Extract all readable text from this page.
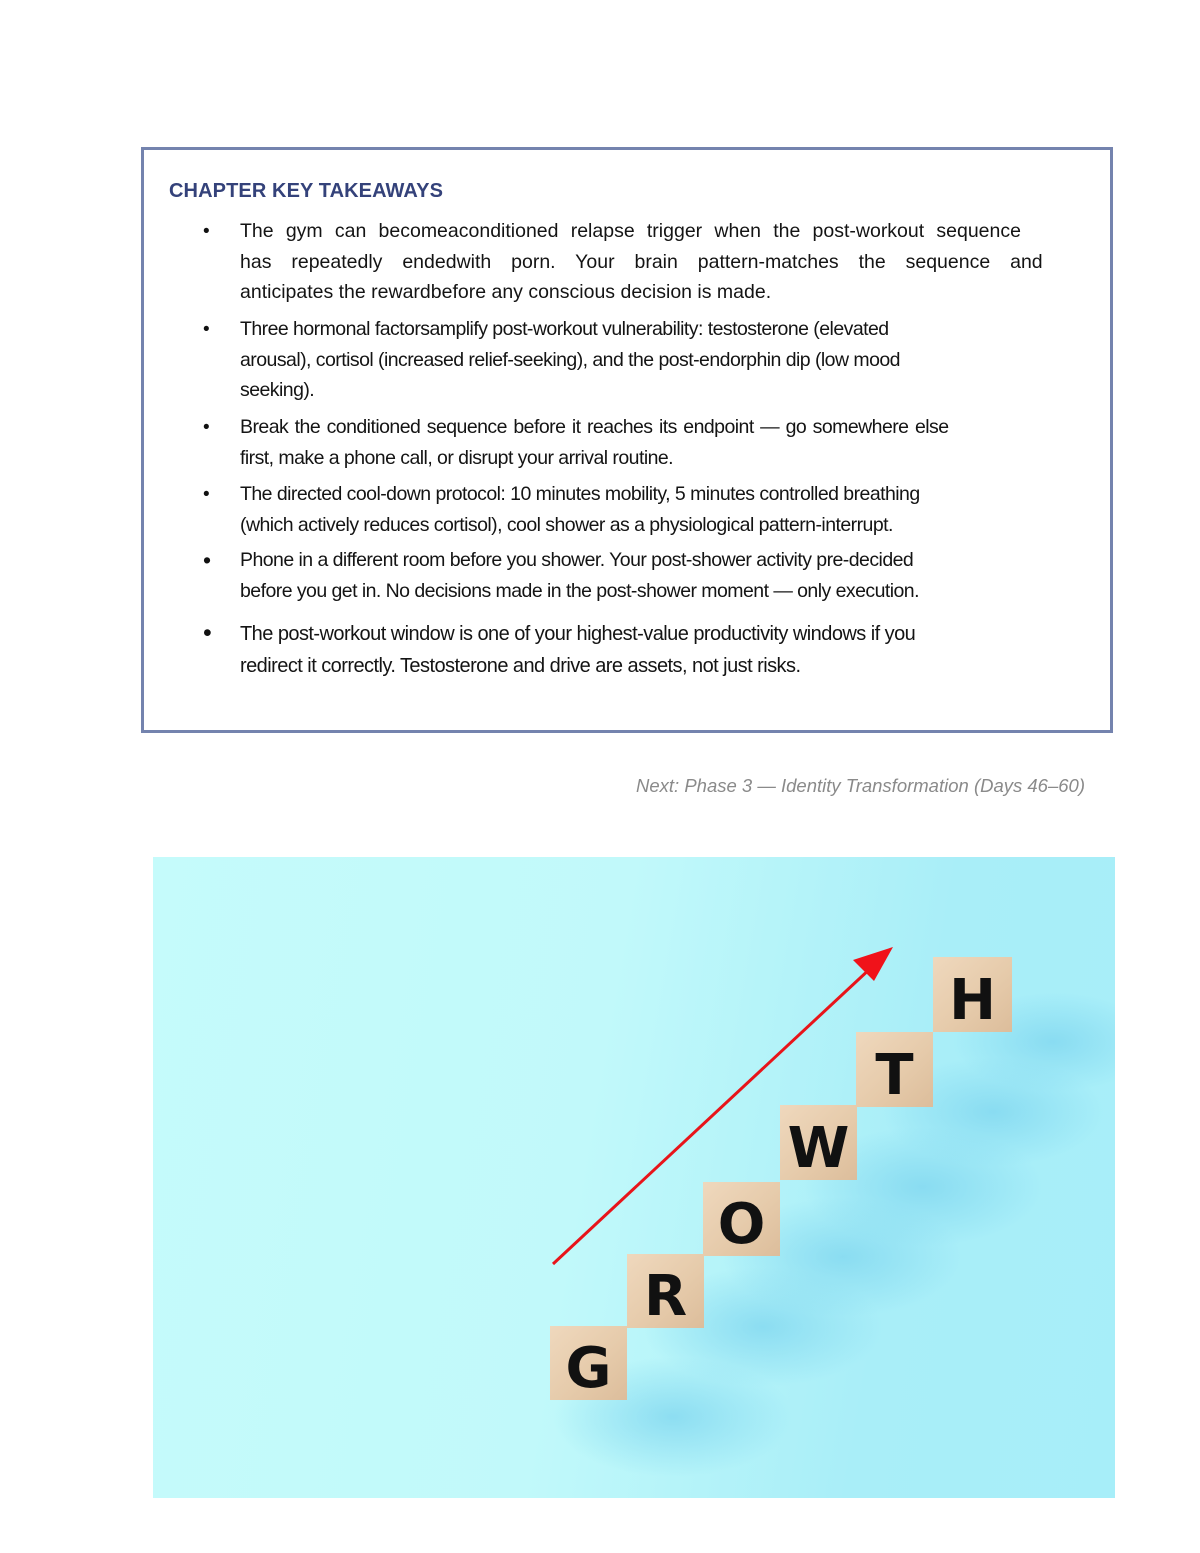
CHAPTER KEY TAKEAWAYS
• The gym can becomeaconditioned relapse trigger when the post-workout sequence
has repeatedly endedwith porn. Your brain pattern-matches the sequence and
anticipates the rewardbefore any conscious decision is made.
• Three hormonal factorsamplify post-workout vulnerability: testosterone (elevated
arousal), cortisol (increased relief-seeking), and the post-endorphin dip (low mood
seeking).
• Break the conditioned sequence before it reaches its endpoint — go somewhere else
first, make a phone call, or disrupt your arrival routine.
• The directed cool-down protocol: 10 minutes mobility, 5 minutes controlled breathing
(which actively reduces cortisol), cool shower as a physiological pattern-interrupt.
• Phone in a different room before you shower. Your post-shower activity pre-decided
before you get in. No decisions made in the post-shower moment — only execution.
• The post-workout window is one of your highest-value productivity windows if you
redirect it correctly. Testosterone and drive are assets, not just risks.
Next: Phase 3 — Identity Transformation (Days 46–60)
G
R
O
W
T
H
